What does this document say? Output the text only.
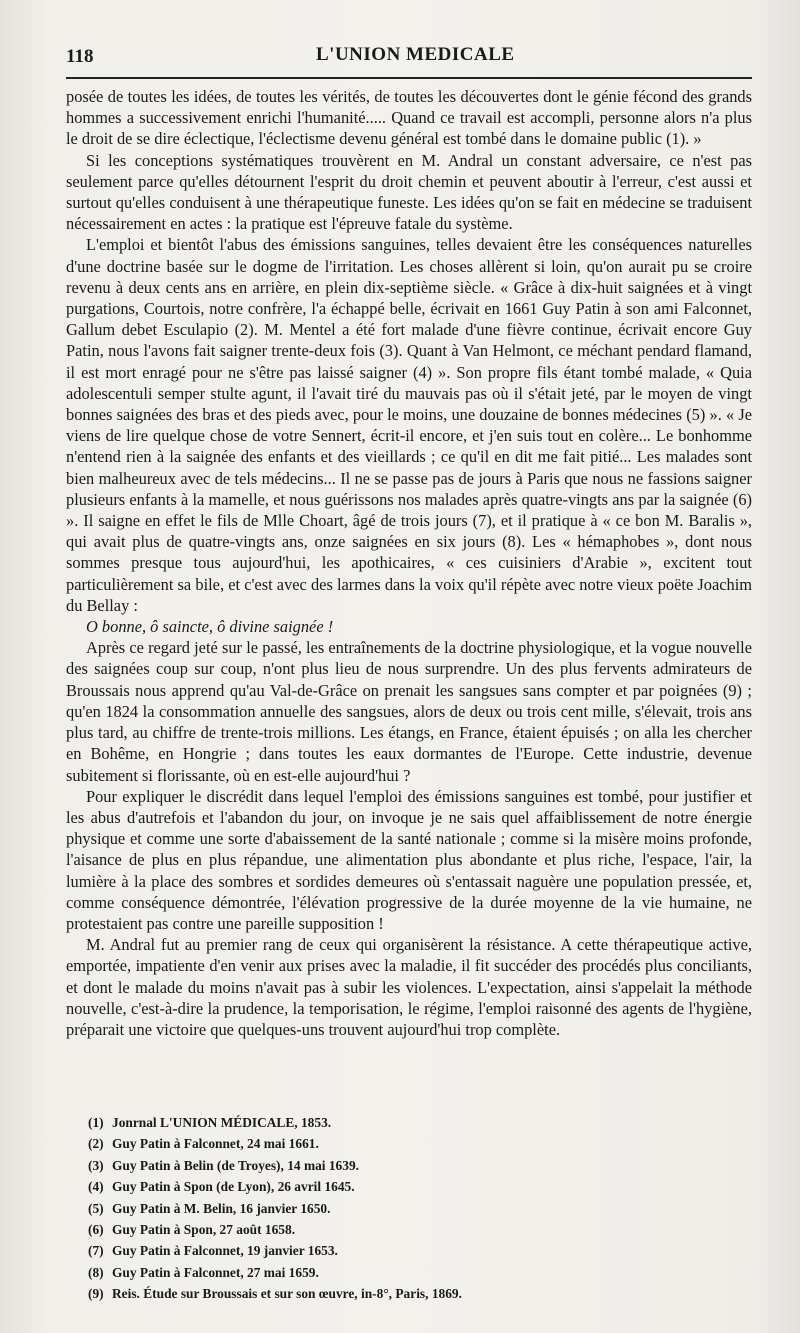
118	L'UNION MEDICALE

posée de toutes les idées, de toutes les vérités, de toutes les découvertes dont le génie fécond des grands hommes a successivement enrichi l'humanité..... Quand ce travail est accompli, personne alors n'a plus le droit de se dire éclectique, l'éclectisme devenu général est tombé dans le domaine public (1). »

Si les conceptions systématiques trouvèrent en M. Andral un constant adversaire, ce n'est pas seulement parce qu'elles détournent l'esprit du droit chemin et peuvent aboutir à l'erreur, c'est aussi et surtout qu'elles conduisent à une thérapeutique funeste. Les idées qu'on se fait en médecine se traduisent nécessairement en actes : la pratique est l'épreuve fatale du système.

L'emploi et bientôt l'abus des émissions sanguines, telles devaient être les conséquences naturelles d'une doctrine basée sur le dogme de l'irritation. Les choses allèrent si loin, qu'on aurait pu se croire revenu à deux cents ans en arrière, en plein dix-septième siècle. « Grâce à dix-huit saignées et à vingt purgations, Courtois, notre confrère, l'a échappé belle, écrivait en 1661 Guy Patin à son ami Falconnet, Gallum debet Esculapio (2). M. Mentel a été fort malade d'une fièvre continue, écrivait encore Guy Patin, nous l'avons fait saigner trente-deux fois (3). Quant à Van Helmont, ce méchant pendard flamand, il est mort enragé pour ne s'être pas laissé saigner (4) ». Son propre fils étant tombé malade, « Quia adolescentuli semper stulte agunt, il l'avait tiré du mauvais pas où il s'était jeté, par le moyen de vingt bonnes saignées des bras et des pieds avec, pour le moins, une douzaine de bonnes médecines (5) ». « Je viens de lire quelque chose de votre Sennert, écrit-il encore, et j'en suis tout en colère... Le bonhomme n'entend rien à la saignée des enfants et des vieillards ; ce qu'il en dit me fait pitié... Les malades sont bien malheureux avec de tels médecins... Il ne se passe pas de jours à Paris que nous ne fassions saigner plusieurs enfants à la mamelle, et nous guérissons nos malades après quatre-vingts ans par la saignée (6) ». Il saigne en effet le fils de Mlle Choart, âgé de trois jours (7), et il pratique à « ce bon M. Baralis », qui avait plus de quatre-vingts ans, onze saignées en six jours (8). Les « hémaphobes », dont nous sommes presque tous aujourd'hui, les apothicaires, « ces cuisiniers d'Arabie », excitent tout particulièrement sa bile, et c'est avec des larmes dans la voix qu'il répète avec notre vieux poëte Joachim du Bellay :

O bonne, ô saincte, ô divine saignée !

Après ce regard jeté sur le passé, les entraînements de la doctrine physiologique, et la vogue nouvelle des saignées coup sur coup, n'ont plus lieu de nous surprendre. Un des plus fervents admirateurs de Broussais nous apprend qu'au Val-de-Grâce on prenait les sangsues sans compter et par poignées (9) ; qu'en 1824 la consommation annuelle des sangsues, alors de deux ou trois cent mille, s'élevait, trois ans plus tard, au chiffre de trente-trois millions. Les étangs, en France, étaient épuisés ; on alla les chercher en Bohême, en Hongrie ; dans toutes les eaux dormantes de l'Europe. Cette industrie, devenue subitement si florissante, où en est-elle aujourd'hui ?

Pour expliquer le discrédit dans lequel l'emploi des émissions sanguines est tombé, pour justifier et les abus d'autrefois et l'abandon du jour, on invoque je ne sais quel affaiblissement de notre énergie physique et comme une sorte d'abaissement de la santé nationale ; comme si la misère moins profonde, l'aisance de plus en plus répandue, une alimentation plus abondante et plus riche, l'espace, l'air, la lumière à la place des sombres et sordides demeures où s'entassait naguère une population pressée, et, comme conséquence démontrée, l'élévation progressive de la durée moyenne de la vie humaine, ne protestaient pas contre une pareille supposition !

M. Andral fut au premier rang de ceux qui organisèrent la résistance. A cette thérapeutique active, emportée, impatiente d'en venir aux prises avec la maladie, il fit succéder des procédés plus conciliants, et dont le malade du moins n'avait pas à subir les violences. L'expectation, ainsi s'appelait la méthode nouvelle, c'est-à-dire la prudence, la temporisation, le régime, l'emploi raisonné des agents de l'hygiène, préparait une victoire que quelques-uns trouvent aujourd'hui trop complète.

(1) Jonrnal L'UNION MÉDICALE, 1853.
(2) Guy Patin à Falconnet, 24 mai 1661.
(3) Guy Patin à Belin (de Troyes), 14 mai 1639.
(4) Guy Patin à Spon (de Lyon), 26 avril 1645.
(5) Guy Patin à M. Belin, 16 janvier 1650.
(6) Guy Patin à Spon, 27 août 1658.
(7) Guy Patin à Falconnet, 19 janvier 1653.
(8) Guy Patin à Falconnet, 27 mai 1659.
(9) Reis. Étude sur Broussais et sur son œuvre, in-8°, Paris, 1869.
